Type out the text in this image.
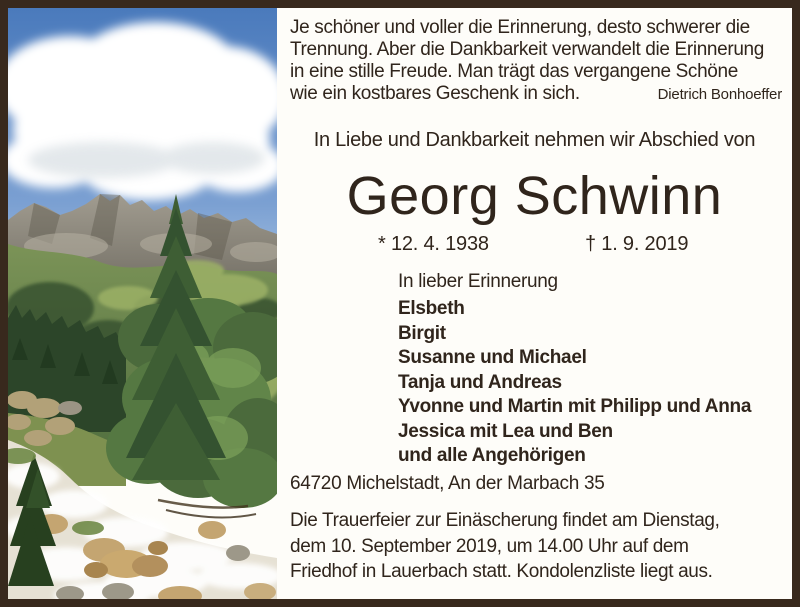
Je schöner und voller die Erinnerung, desto schwerer die
Trennung. Aber die Dankbarkeit verwandelt die Erinnerung
in eine stille Freude. Man trägt das vergangene Schöne
wie ein kostbares Geschenk in sich.	Dietrich Bonhoeffer
In Liebe und Dankbarkeit nehmen wir Abschied von
Georg Schwinn
* 12. 4. 1938	† 1. 9. 2019
In lieber Erinnerung
Elsbeth
Birgit
Susanne und Michael
Tanja und Andreas
Yvonne und Martin mit Philipp und Anna
Jessica mit Lea und Ben
und alle Angehörigen
64720 Michelstadt, An der Marbach 35
Die Trauerfeier zur Einäscherung findet am Dienstag,
dem 10. September 2019, um 14.00 Uhr auf dem
Friedhof in Lauerbach statt. Kondolenzliste liegt aus.
